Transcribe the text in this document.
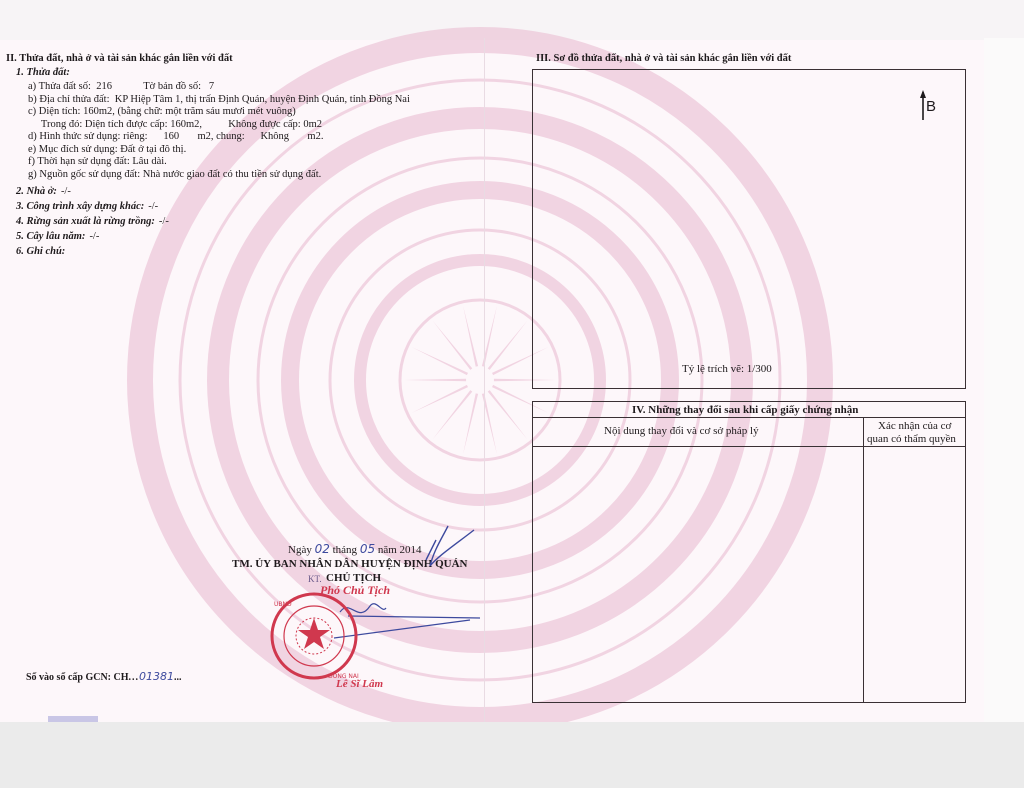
II. Thửa đất, nhà ở và tài sản khác gắn liền với đất
1. Thửa đất:
a) Thửa đất số:  216            Tờ bản đồ số:   7
b) Địa chỉ thửa đất:  KP Hiệp Tâm 1, thị trấn Định Quán, huyện Định Quán, tỉnh Đồng Nai
c) Diện tích: 160m2, (bằng chữ: một trăm sáu mươi mét vuông)
Trong đó: Diện tích được cấp: 160m2,          Không được cấp: 0m2
d) Hình thức sử dụng: riêng:      160       m2, chung:      Không       m2.
e) Mục đích sử dụng: Đất ở tại đô thị.
f) Thời hạn sử dụng đất: Lâu dài.
g) Nguồn gốc sử dụng đất: Nhà nước giao đất có thu tiền sử dụng đất.
2. Nhà ở: -/-
3. Công trình xây dựng khác: -/-
4. Rừng sản xuất là rừng trồng: -/-
5. Cây lâu năm: -/-
6. Ghi chú:
Ngày 02 tháng 05 năm 2014
TM. ỦY BAN NHÂN DÂN HUYỆN ĐỊNH QUÁN
CHỦ TỊCH
KT.
Phó Chủ Tịch
UBND
ĐỒNG NAI
Lê Sĩ Lâm
Số vào sổ cấp GCN: CH...01381...
III. Sơ đồ thửa đất, nhà ở và tài sản khác gắn liền với đất
B
Tỷ lệ trích vẽ: 1/300
IV. Những thay đổi sau khi cấp giấy chứng nhận
Nội dung thay đổi và cơ sở pháp lý	Xác nhận của cơ
quan có thẩm quyền
